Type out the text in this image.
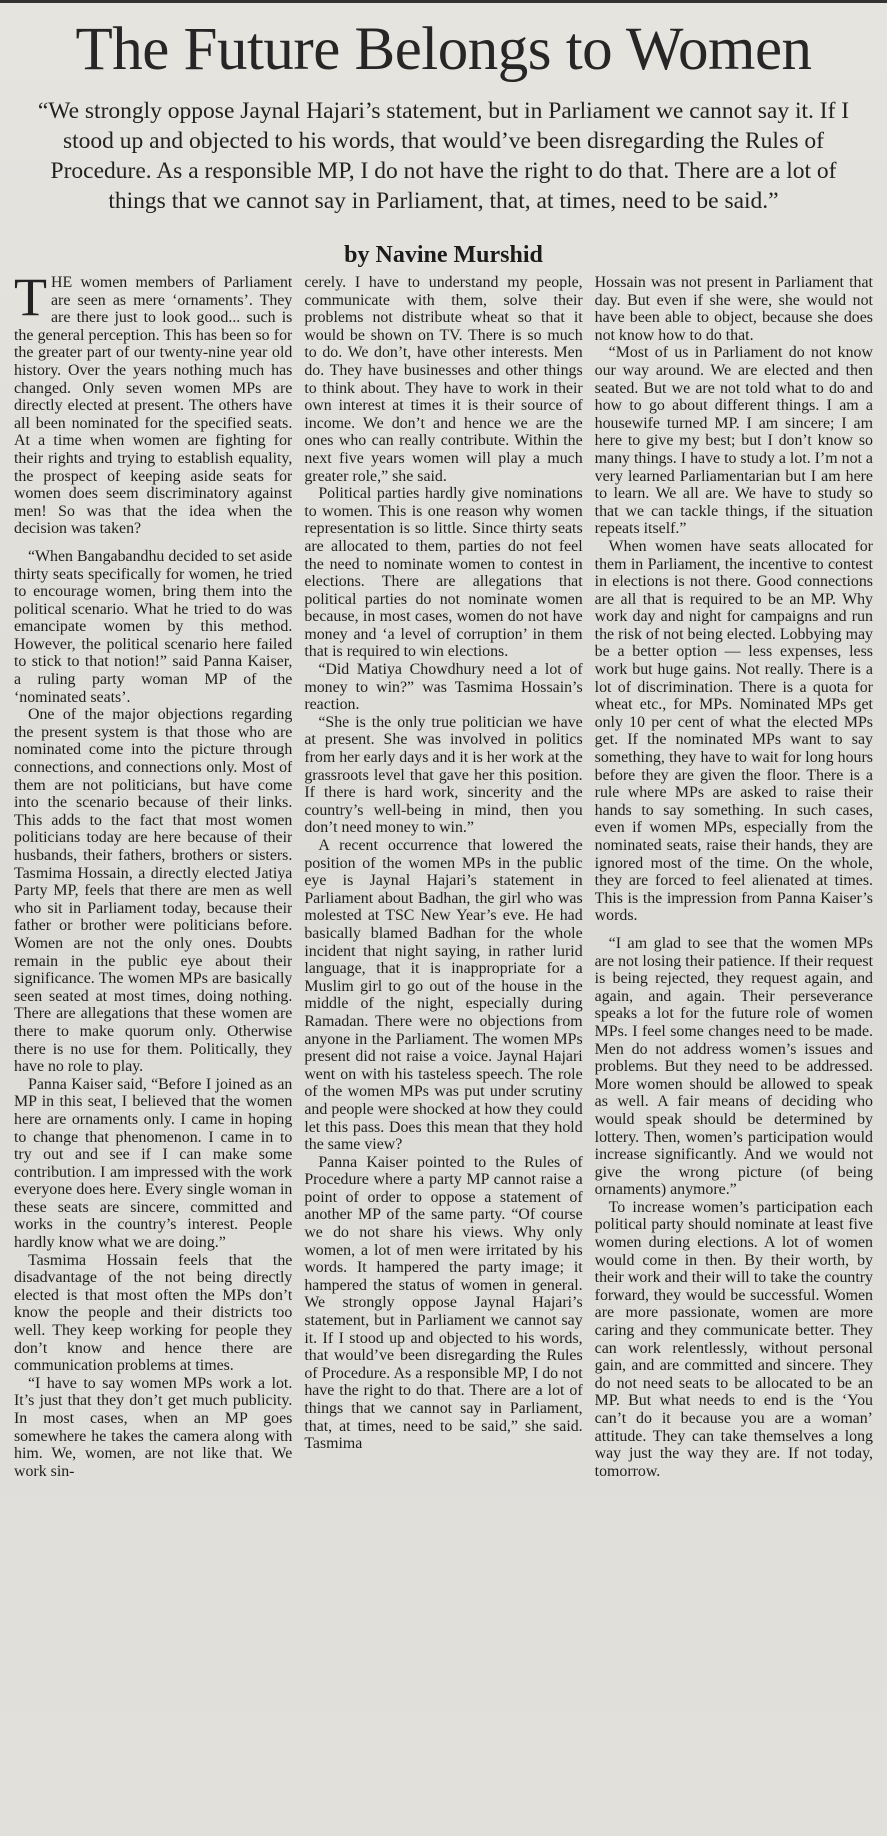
The Future Belongs to Women

“We strongly oppose Jaynal Hajari’s statement, but in Parliament we cannot say it. If I stood up and objected to his words, that would’ve been disregarding the Rules of Procedure. As a responsible MP, I do not have the right to do that. There are a lot of things that we cannot say in Parliament, that, at times, need to be said.”

by Navine Murshid

THE women members of Parliament are seen as mere ‘ornaments’. They are there just to look good... such is the general perception. This has been so for the greater part of our twenty-nine year old history. Over the years nothing much has changed. Only seven women MPs are directly elected at present. The others have all been nominated for the specified seats. At a time when women are fighting for their rights and trying to establish equality, the prospect of keeping aside seats for women does seem discriminatory against men! So was that the idea when the decision was taken?

“When Bangabandhu decided to set aside thirty seats specifically for women, he tried to encourage women, bring them into the political scenario. What he tried to do was emancipate women by this method. However, the political scenario here failed to stick to that notion!” said Panna Kaiser, a ruling party woman MP of the ‘nominated seats’.

One of the major objections regarding the present system is that those who are nominated come into the picture through connections, and connections only. Most of them are not politicians, but have come into the scenario because of their links. This adds to the fact that most women politicians today are here because of their husbands, their fathers, brothers or sisters. Tasmima Hossain, a directly elected Jatiya Party MP, feels that there are men as well who sit in Parliament today, because their father or brother were politicians before. Women are not the only ones. Doubts remain in the public eye about their significance. The women MPs are basically seen seated at most times, doing nothing. There are allegations that these women are there to make quorum only. Otherwise there is no use for them. Politically, they have no role to play.

Panna Kaiser said, “Before I joined as an MP in this seat, I believed that the women here are ornaments only. I came in hoping to change that phenomenon. I came in to try out and see if I can make some contribution. I am impressed with the work everyone does here. Every single woman in these seats are sincere, committed and works in the country’s interest. People hardly know what we are doing.”

Tasmima Hossain feels that the disadvantage of the not being directly elected is that most often the MPs don’t know the people and their districts too well. They keep working for people they don’t know and hence there are communication problems at times.

“I have to say women MPs work a lot. It’s just that they don’t get much publicity. In most cases, when an MP goes somewhere he takes the camera along with him. We, women, are not like that. We work sin-

cerely. I have to understand my people, communicate with them, solve their problems not distribute wheat so that it would be shown on TV. There is so much to do. We don’t, have other interests. Men do. They have businesses and other things to think about. They have to work in their own interest at times it is their source of income. We don’t and hence we are the ones who can really contribute. Within the next five years women will play a much greater role,” she said.

Political parties hardly give nominations to women. This is one reason why women representation is so little. Since thirty seats are allocated to them, parties do not feel the need to nominate women to contest in elections. There are allegations that political parties do not nominate women because, in most cases, women do not have money and ‘a level of corruption’ in them that is required to win elections.

“Did Matiya Chowdhury need a lot of money to win?” was Tasmima Hossain’s reaction.

“She is the only true politician we have at present. She was involved in politics from her early days and it is her work at the grassroots level that gave her this position. If there is hard work, sincerity and the country’s well-being in mind, then you don’t need money to win.”

A recent occurrence that lowered the position of the women MPs in the public eye is Jaynal Hajari’s statement in Parliament about Badhan, the girl who was molested at TSC New Year’s eve. He had basically blamed Badhan for the whole incident that night saying, in rather lurid language, that it is inappropriate for a Muslim girl to go out of the house in the middle of the night, especially during Ramadan. There were no objections from anyone in the Parliament. The women MPs present did not raise a voice. Jaynal Hajari went on with his tasteless speech. The role of the women MPs was put under scrutiny and people were shocked at how they could let this pass. Does this mean that they hold the same view?

Panna Kaiser pointed to the Rules of Procedure where a party MP cannot raise a point of order to oppose a statement of another MP of the same party. “Of course we do not share his views. Why only women, a lot of men were irritated by his words. It hampered the party image; it hampered the status of women in general. We strongly oppose Jaynal Hajari’s statement, but in Parliament we cannot say it. If I stood up and objected to his words, that would’ve been disregarding the Rules of Procedure. As a responsible MP, I do not have the right to do that. There are a lot of things that we cannot say in Parliament, that, at times, need to be said,” she said. Tasmima

Hossain was not present in Parliament that day. But even if she were, she would not have been able to object, because she does not know how to do that.

“Most of us in Parliament do not know our way around. We are elected and then seated. But we are not told what to do and how to go about different things. I am a housewife turned MP. I am sincere; I am here to give my best; but I don’t know so many things. I have to study a lot. I’m not a very learned Parliamentarian but I am here to learn. We all are. We have to study so that we can tackle things, if the situation repeats itself.”

When women have seats allocated for them in Parliament, the incentive to contest in elections is not there. Good connections are all that is required to be an MP. Why work day and night for campaigns and run the risk of not being elected. Lobbying may be a better option — less expenses, less work but huge gains. Not really. There is a lot of discrimination. There is a quota for wheat etc., for MPs. Nominated MPs get only 10 per cent of what the elected MPs get. If the nominated MPs want to say something, they have to wait for long hours before they are given the floor. There is a rule where MPs are asked to raise their hands to say something. In such cases, even if women MPs, especially from the nominated seats, raise their hands, they are ignored most of the time. On the whole, they are forced to feel alienated at times. This is the impression from Panna Kaiser’s words.

“I am glad to see that the women MPs are not losing their patience. If their request is being rejected, they request again, and again, and again. Their perseverance speaks a lot for the future role of women MPs. I feel some changes need to be made. Men do not address women’s issues and problems. But they need to be addressed. More women should be allowed to speak as well. A fair means of deciding who would speak should be determined by lottery. Then, women’s participation would increase significantly. And we would not give the wrong picture (of being ornaments) anymore.”

To increase women’s participation each political party should nominate at least five women during elections. A lot of women would come in then. By their worth, by their work and their will to take the country forward, they would be successful. Women are more passionate, women are more caring and they communicate better. They can work relentlessly, without personal gain, and are committed and sincere. They do not need seats to be allocated to be an MP. But what needs to end is the ‘You can’t do it because you are a woman’ attitude. They can take themselves a long way just the way they are. If not today, tomorrow.
